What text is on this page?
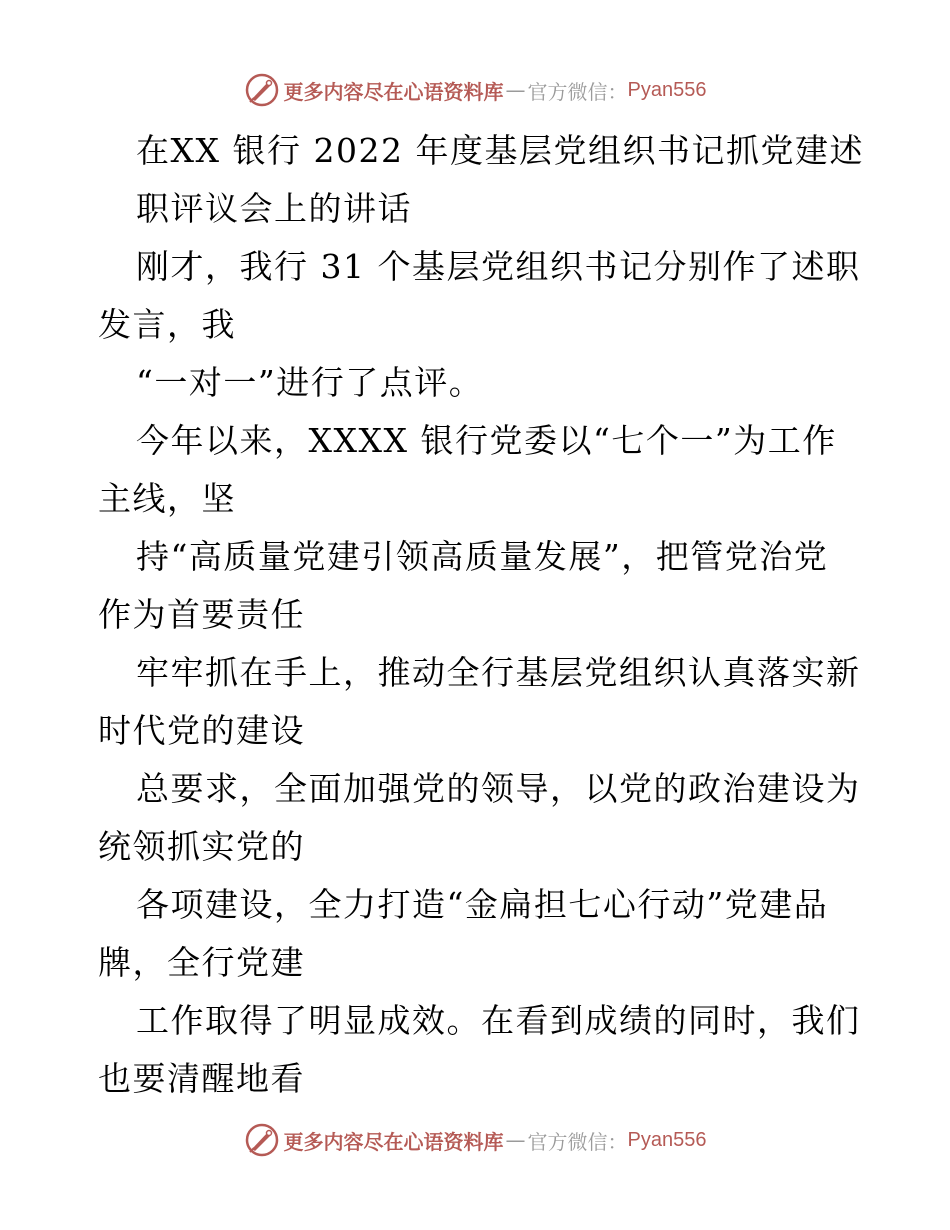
更多内容尽在心语资料库 — 官方微信： Pyan556
在XX 银行 2022 年度基层党组织书记抓党建述
职评议会上的讲话
刚才，我行 31 个基层党组织书记分别作了述职
发言，我
“一对一”进行了点评。
今年以来，XXXX 银行党委以“七个一”为工作
主线，坚
持“高质量党建引领高质量发展”，把管党治党
作为首要责任
牢牢抓在手上，推动全行基层党组织认真落实新
时代党的建设
总要求，全面加强党的领导，以党的政治建设为
统领抓实党的
各项建设，全力打造“金扁担七心行动”党建品
牌，全行党建
工作取得了明显成效。在看到成绩的同时，我们
也要清醒地看
更多内容尽在心语资料库 — 官方微信： Pyan556
